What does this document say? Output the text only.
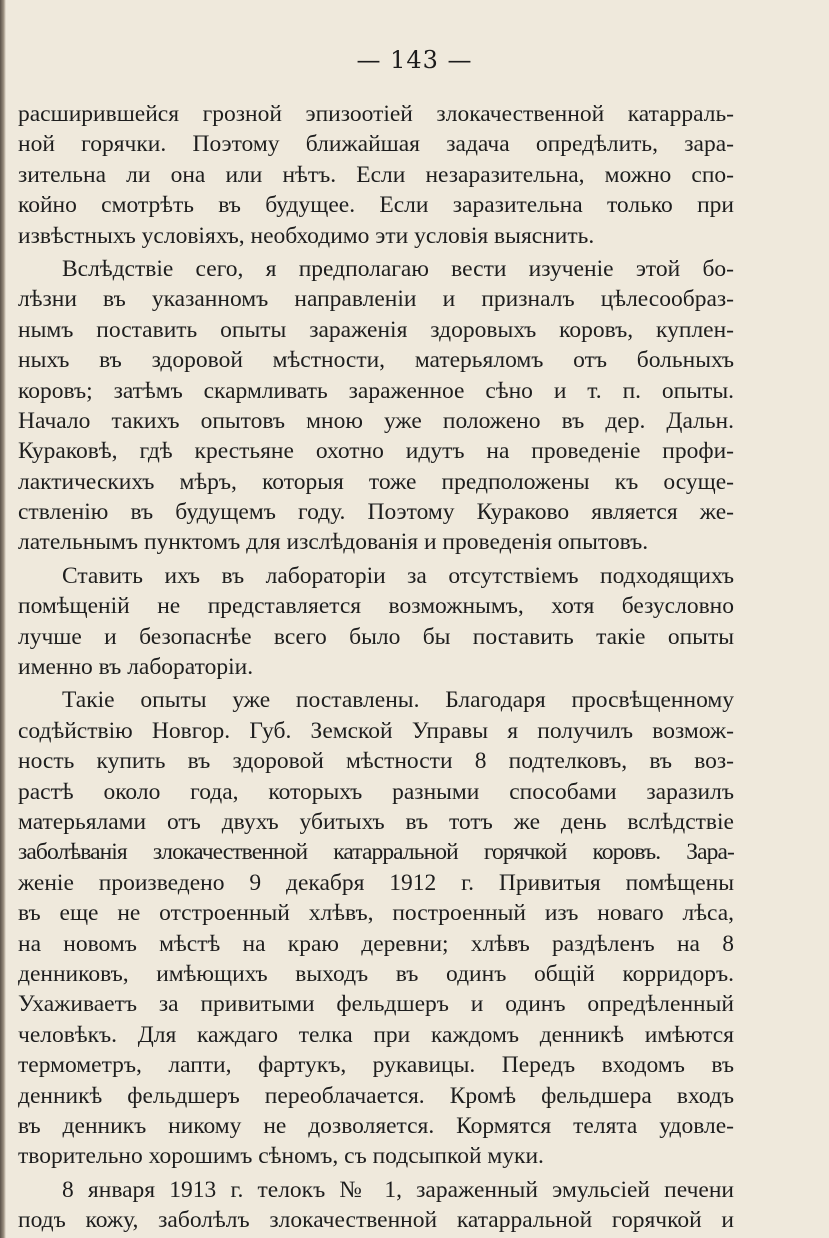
— 143 —
расширившейся грозной эпизоотiей злокачественной катарраль-
ной горячки. Поэтому ближайшая задача опредѣлить, зара-
зительна ли она или нѣтъ. Если незаразительна, можно спо-
койно смотрѣть въ будущее. Если заразительна только при
извѣстныхъ условiяхъ, необходимо эти условiя выяснить.
Вслѣдствiе сего, я предполагаю вести изученiе этой бо-
лѣзни въ указанномъ направленiи и призналъ цѣлесообраз-
нымъ поставить опыты зараженiя здоровыхъ коровъ, куплен-
ныхъ въ здоровой мѣстности, матерьяломъ отъ больныхъ
коровъ; затѣмъ скармливать зараженное сѣно и т. п. опыты.
Начало такихъ опытовъ мною уже положено въ дер. Дальн.
Кураковѣ, гдѣ крестьяне охотно идутъ на проведенiе профи-
лактическихъ мѣръ, которыя тоже предположены къ осуще-
ствленiю въ будущемъ году. Поэтому Кураково является же-
лательнымъ пунктомъ для изслѣдованiя и проведенiя опытовъ.
Ставить ихъ въ лабораторiи за отсутствiемъ подходящихъ
помѣщенiй не представляется возможнымъ, хотя безусловно
лучше и безопаснѣе всего было бы поставить такiе опыты
именно въ лабораторiи.
Такiе опыты уже поставлены. Благодаря просвѣщенному
содѣйствiю Новгор. Губ. Земской Управы я получилъ возмож-
ность купить въ здоровой мѣстности 8 подтелковъ, въ воз-
растѣ около года, которыхъ разными способами заразилъ
матерьялами отъ двухъ убитыхъ въ тотъ же день вслѣдствiе
заболѣванiя злокачественной катарральной горячкой коровъ. Зара-
женiе произведено 9 декабря 1912 г. Привитыя помѣщены
въ еще не отстроенный хлѣвъ, построенный изъ новаго лѣса,
на новомъ мѣстѣ на краю деревни; хлѣвъ раздѣленъ на 8
денниковъ, имѣющихъ выходъ въ одинъ общiй корридоръ.
Ухаживаетъ за привитыми фельдшеръ и одинъ опредѣленный
человѣкъ. Для каждаго телка при каждомъ денникѣ имѣются
термометръ, лапти, фартукъ, рукавицы. Передъ входомъ въ
денникѣ фельдшеръ переоблачается. Кромѣ фельдшера входъ
въ денникъ никому не дозволяется. Кормятся телята удовле-
творительно хорошимъ сѣномъ, съ подсыпкой муки.
8 января 1913 г. телокъ № 1, зараженный эмульсiей печени
подъ кожу, заболѣлъ злокачественной катарральной горячкой и
